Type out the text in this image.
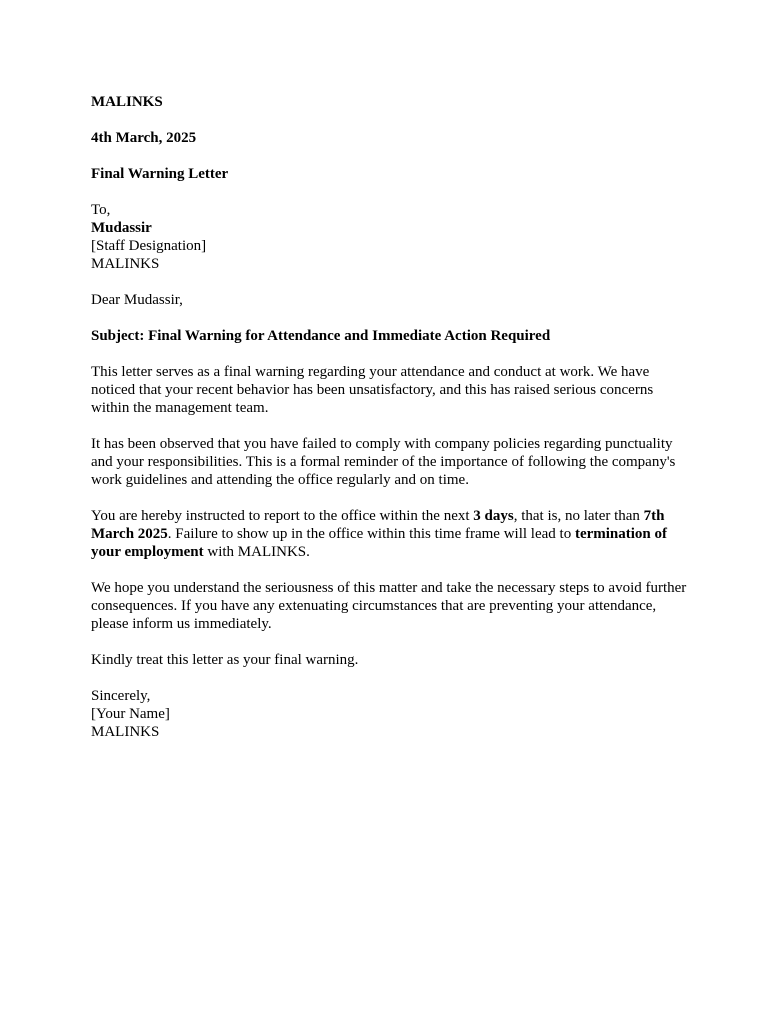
MALINKS

4th March, 2025

Final Warning Letter

To,
Mudassir
[Staff Designation]
MALINKS

Dear Mudassir,

Subject: Final Warning for Attendance and Immediate Action Required

This letter serves as a final warning regarding your attendance and conduct at work. We have noticed that your recent behavior has been unsatisfactory, and this has raised serious concerns within the management team.

It has been observed that you have failed to comply with company policies regarding punctuality and your responsibilities. This is a formal reminder of the importance of following the company's work guidelines and attending the office regularly and on time.

You are hereby instructed to report to the office within the next 3 days, that is, no later than 7th March 2025. Failure to show up in the office within this time frame will lead to termination of your employment with MALINKS.

We hope you understand the seriousness of this matter and take the necessary steps to avoid further consequences. If you have any extenuating circumstances that are preventing your attendance, please inform us immediately.

Kindly treat this letter as your final warning.

Sincerely,
[Your Name]
MALINKS
